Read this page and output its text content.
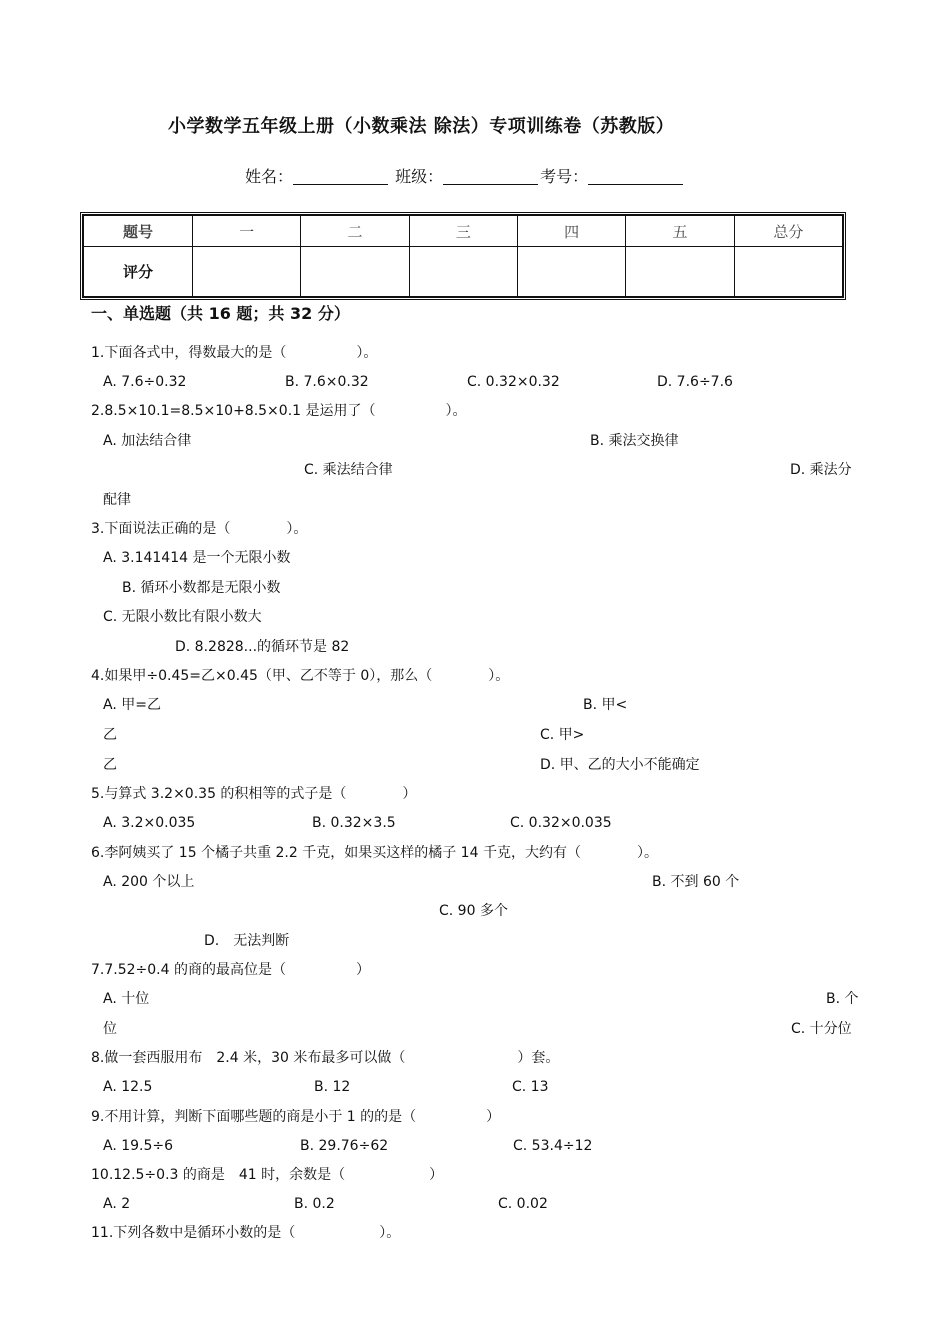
小学数学五年级上册（小数乘法 除法）专项训练卷（苏教版）
姓名：	班级：	考号：
题号	一	二	三	四	五	总分
评分						
一、单选题（共 16 题；共 32 分）
1.下面各式中，得数最大的是（　　　　　）。
A. 7.6÷0.32	B. 7.6×0.32	C. 0.32×0.32	D. 7.6÷7.6
2.8.5×10.1=8.5×10+8.5×0.1 是运用了（　　　　　）。
A. 加法结合律	B. 乘法交换律
C. 乘法结合律	D. 乘法分
配律
3.下面说法正确的是（　　　　）。
A. 3.141414 是一个无限小数
B. 循环小数都是无限小数
C. 无限小数比有限小数大
D. 8.2828...的循环节是 82
4.如果甲÷0.45=乙×0.45（甲、乙不等于 0），那么（　　　　）。
A. 甲=乙	B. 甲<
乙	C. 甲>
乙	D. 甲、乙的大小不能确定
5.与算式 3.2×0.35 的积相等的式子是（　　　　）
A. 3.2×0.035	B. 0.32×3.5	C. 0.32×0.035
6.李阿姨买了 15 个橘子共重 2.2 千克，如果买这样的橘子 14 千克，大约有（　　　　）。
A. 200 个以上	B. 不到 60 个
C. 90 多个
D.　无法判断
7.7.52÷0.4 的商的最高位是（　　　　　）
A. 十位	B. 个
位	C. 十分位
8.做一套西服用布　2.4 米，30 米布最多可以做（　　　　　　　　）套。
A. 12.5	B. 12	C. 13
9.不用计算，判断下面哪些题的商是小于 1 的的是（　　　　　）
A. 19.5÷6	B. 29.76÷62	C. 53.4÷12
10.12.5÷0.3 的商是　41 时，余数是（　　　　　　）
A. 2	B. 0.2	C. 0.02
11.下列各数中是循环小数的是（　　　　　　）。
